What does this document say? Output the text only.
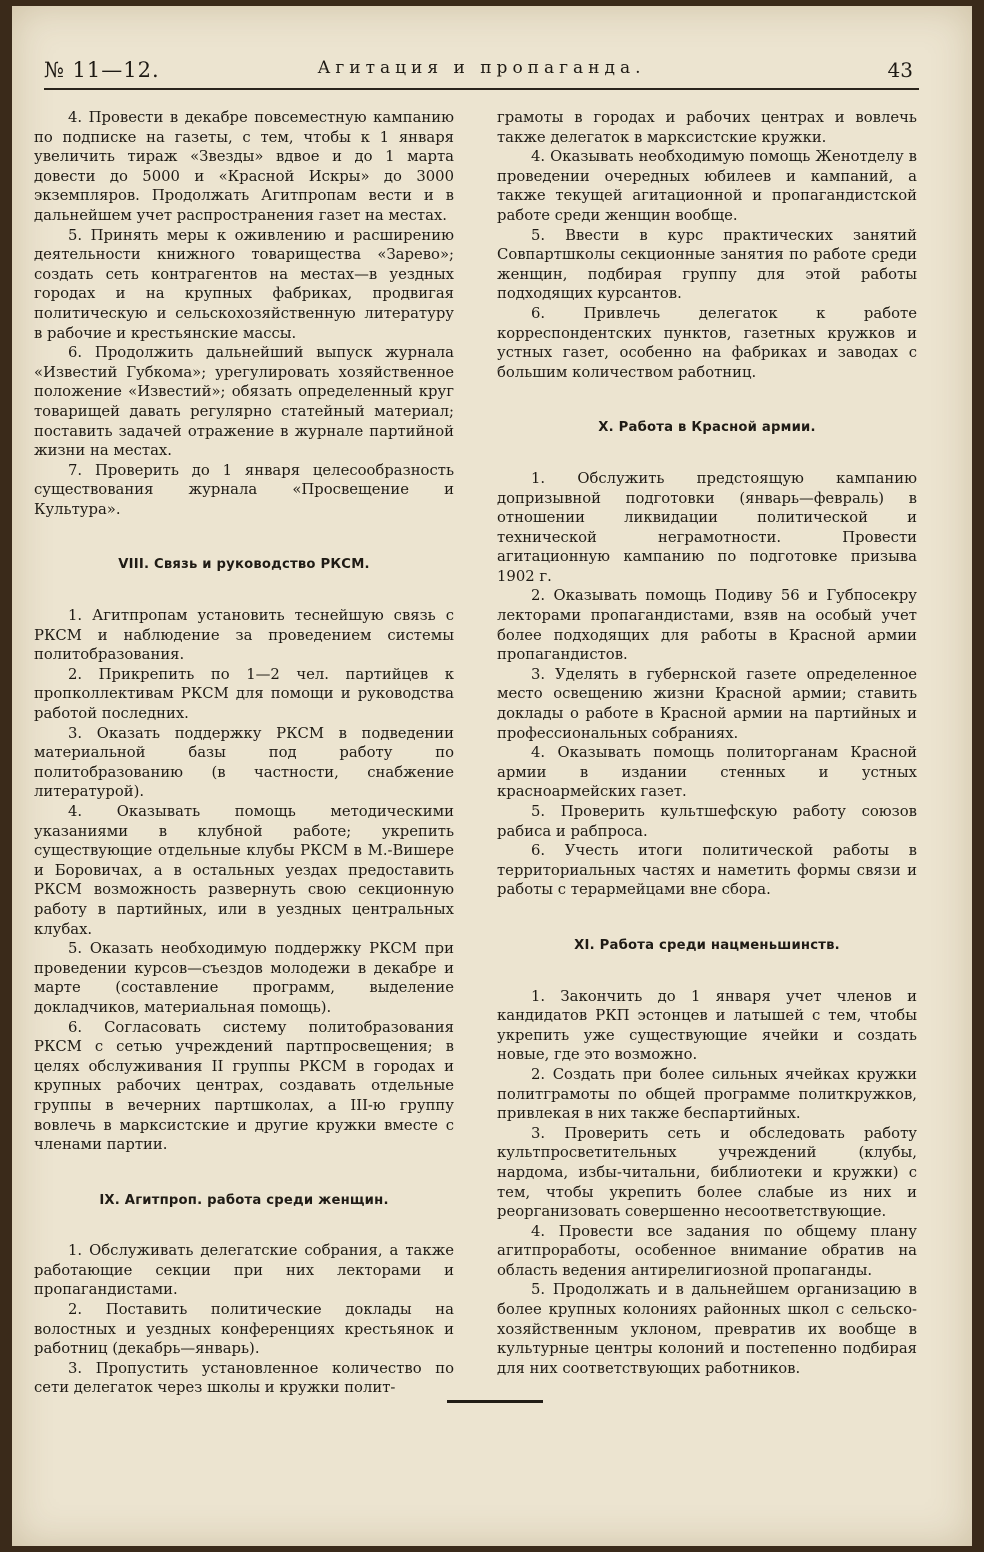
№ 11—12.	Агитация и пропаганда.	43

4. Провести в декабре повсеместную кампанию по подписке на газеты, с тем, чтобы к 1 января увеличить тираж «Звезды» вдвое и до 1 марта довести до 5000 и «Красной Искры» до 3000 экземпляров. Продолжать Агитпропам вести и в дальнейшем учет распространения газет на местах.

5. Принять меры к оживлению и расширению деятельности книжного товарищества «Зарево»; создать сеть контрагентов на местах—в уездных городах и на крупных фабриках, продвигая политическую и сельскохозяйственную литературу в рабочие и крестьянские массы.

6. Продолжить дальнейший выпуск журнала «Известий Губкома»; урегулировать хозяйственное положение «Известий»; обязать определенный круг товарищей давать регулярно статейный материал; поставить задачей отражение в журнале партийной жизни на местах.

7. Проверить до 1 января целесообразность существования журнала «Просвещение и Культура».

VIII. Связь и руководство РКСМ.

1. Агитпропам установить теснейшую связь с РКСМ и наблюдение за проведением системы политобразования.

2. Прикрепить по 1—2 чел. партийцев к пропколлективам РКСМ для помощи и руководства работой последних.

3. Оказать поддержку РКСМ в подведении материальной базы под работу по политобразованию (в частности, снабжение литературой).

4. Оказывать помощь методическими указаниями в клубной работе; укрепить существующие отдельные клубы РКСМ в М.-Вишере и Боровичах, а в остальных уездах предоставить РКСМ возможность развернуть свою секционную работу в партийных, или в уездных центральных клубах.

5. Оказать необходимую поддержку РКСМ при проведении курсов—съездов молодежи в декабре и марте (составление программ, выделение докладчиков, материальная помощь).

6. Согласовать систему политобразования РКСМ с сетью учреждений партпросвещения; в целях обслуживания II группы РКСМ в городах и крупных рабочих центрах, создавать отдельные группы в вечерних партшколах, а III-ю группу вовлечь в марксистские и другие кружки вместе с членами партии.

IX. Агитпроп. работа среди женщин.

1. Обслуживать делегатские собрания, а также работающие секции при них лекторами и пропагандистами.

2. Поставить политические доклады на волостных и уездных конференциях крестьянок и работниц (декабрь—январь).

3. Пропустить установленное количество по сети делегаток через школы и кружки полит-

грамоты в городах и рабочих центрах и вовлечь также делегаток в марксистские кружки.

4. Оказывать необходимую помощь Женотделу в проведении очередных юбилеев и кампаний, а также текущей агитационной и пропагандистской работе среди женщин вообще.

5. Ввести в курс практических занятий Совпартшколы секционные занятия по работе среди женщин, подбирая группу для этой работы подходящих курсантов.

6. Привлечь делегаток к работе корреспондентских пунктов, газетных кружков и устных газет, особенно на фабриках и заводах с большим количеством работниц.

X. Работа в Красной армии.

1. Обслужить предстоящую кампанию допризывной подготовки (январь—февраль) в отношении ликвидации политической и технической неграмотности. Провести агитационную кампанию по подготовке призыва 1902 г.

2. Оказывать помощь Подиву 56 и Губпосекру лекторами пропагандистами, взяв на особый учет более подходящих для работы в Красной армии пропагандистов.

3. Уделять в губернской газете определенное место освещению жизни Красной армии; ставить доклады о работе в Красной армии на партийных и профессиональных собраниях.

4. Оказывать помощь политорганам Красной армии в издании стенных и устных красноармейских газет.

5. Проверить культшефскую работу союзов рабиса и рабпроса.

6. Учесть итоги политической работы в территориальных частях и наметить формы связи и работы с терармейцами вне сбора.

XI. Работа среди нацменьшинств.

1. Закончить до 1 января учет членов и кандидатов РКП эстонцев и латышей с тем, чтобы укрепить уже существующие ячейки и создать новые, где это возможно.

2. Создать при более сильных ячейках кружки политграмоты по общей программе политкружков, привлекая в них также беспартийных.

3. Проверить сеть и обследовать работу культпросветительных учреждений (клубы, нардома, избы-читальни, библиотеки и кружки) с тем, чтобы укрепить более слабые из них и реорганизовать совершенно несоответствующие.

4. Провести все задания по общему плану агитпроработы, особенное внимание обратив на область ведения антирелигиозной пропаганды.

5. Продолжать и в дальнейшем организацию в более крупных колониях районных школ с сельско-хозяйственным уклоном, превратив их вообще в культурные центры колоний и постепенно подбирая для них соответствующих работников.
